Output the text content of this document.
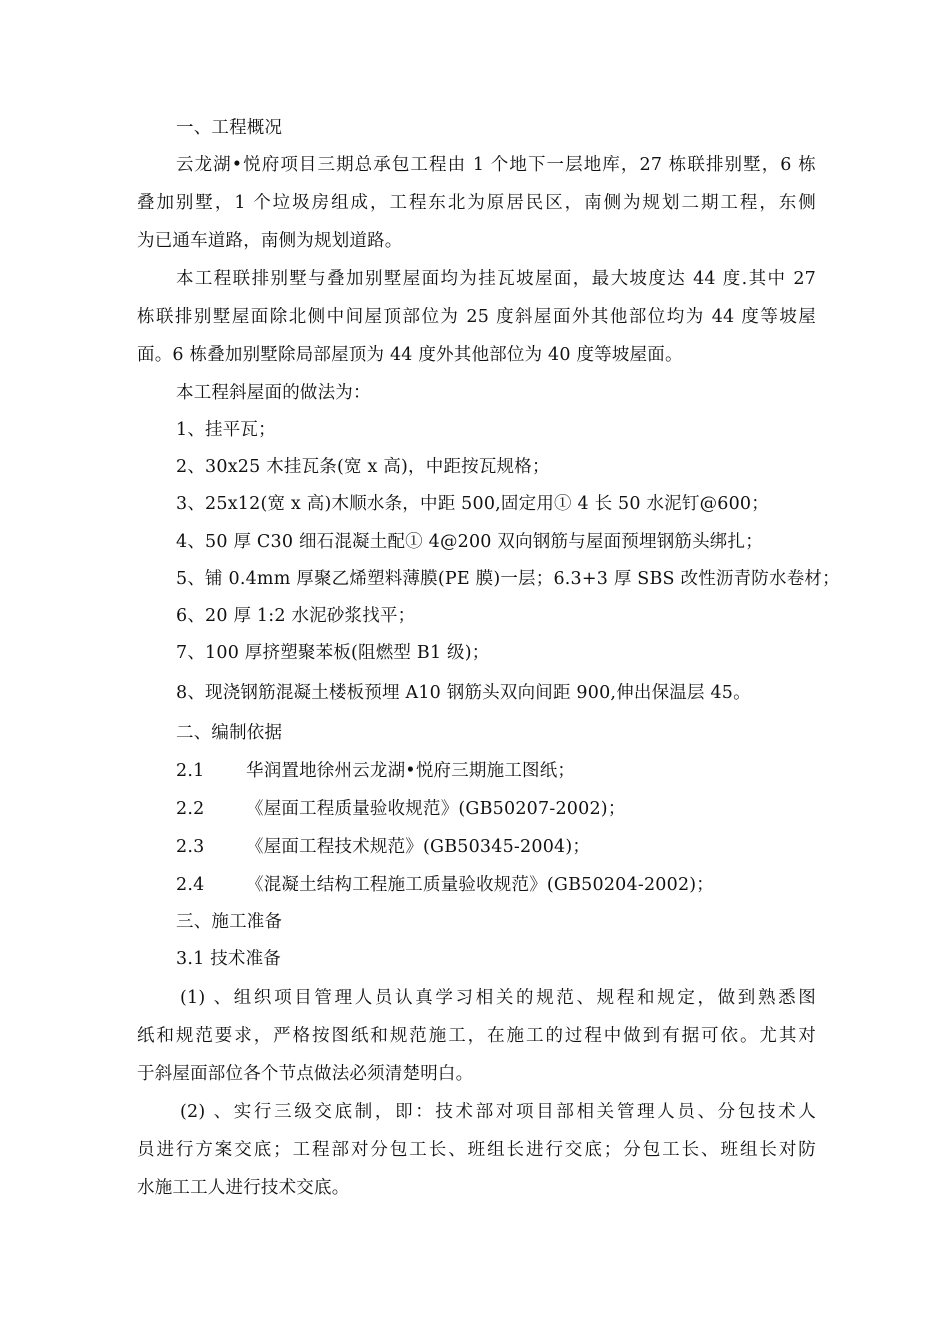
一、工程概况
云龙湖•悦府项目三期总承包工程由 1 个地下一层地库，27 栋联排别墅，6 栋
叠加别墅，1 个垃圾房组成，工程东北为原居民区，南侧为规划二期工程，东侧
为已通车道路，南侧为规划道路。
本工程联排别墅与叠加别墅屋面均为挂瓦坡屋面，最大坡度达 44 度.其中 27
栋联排别墅屋面除北侧中间屋顶部位为 25 度斜屋面外其他部位均为 44 度等坡屋
面。6 栋叠加别墅除局部屋顶为 44 度外其他部位为 40 度等坡屋面。
本工程斜屋面的做法为：
1、挂平瓦；
2、30x25 木挂瓦条(宽 x 高)，中距按瓦规格；
3、25x12(宽 x 高)木顺水条，中距 500,固定用① 4 长 50 水泥钉@600；
4、50 厚 C30 细石混凝土配① 4@200 双向钢筋与屋面预埋钢筋头绑扎；
5、铺 0.4mm 厚聚乙烯塑料薄膜(PE 膜)一层；6.3+3 厚 SBS 改性沥青防水卷材；
6、20 厚 1:2 水泥砂浆找平；
7、100 厚挤塑聚苯板(阻燃型 B1 级)；
8、现浇钢筋混凝土楼板预埋 A10 钢筋头双向间距 900,伸出保温层 45。
二、编制依据
2.1 华润置地徐州云龙湖•悦府三期施工图纸；
2.2 《屋面工程质量验收规范》(GB50207-2002)；
2.3 《屋面工程技术规范》(GB50345-2004)；
2.4 《混凝土结构工程施工质量验收规范》(GB50204-2002)；
三、施工准备
3.1 技术准备
(1) 、组织项目管理人员认真学习相关的规范、规程和规定，做到熟悉图
纸和规范要求，严格按图纸和规范施工，在施工的过程中做到有据可依。尤其对
于斜屋面部位各个节点做法必须清楚明白。
(2) 、实行三级交底制，即：技术部对项目部相关管理人员、分包技术人
员进行方案交底；工程部对分包工长、班组长进行交底；分包工长、班组长对防
水施工工人进行技术交底。
